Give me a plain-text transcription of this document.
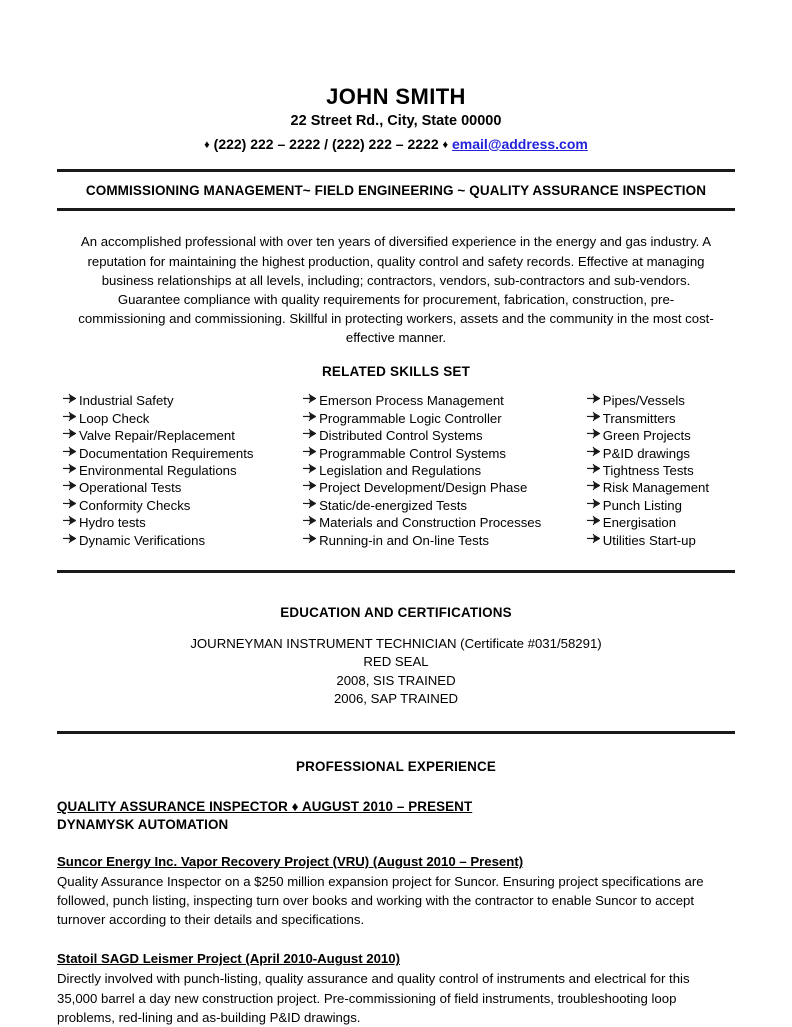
JOHN SMITH
22 Street Rd., City, State 00000
♦ (222) 222 – 2222 / (222) 222 – 2222 ♦ email@address.com
COMMISSIONING MANAGEMENT~ FIELD ENGINEERING ~ QUALITY ASSURANCE INSPECTION
An accomplished professional with over ten years of diversified experience in the energy and gas industry. A reputation for maintaining the highest production, quality control and safety records. Effective at managing business relationships at all levels, including; contractors, vendors, sub-contractors and sub-vendors. Guarantee compliance with quality requirements for procurement, fabrication, construction, pre-commissioning and commissioning. Skillful in protecting workers, assets and the community in the most cost-effective manner.
RELATED SKILLS SET
Industrial Safety
Loop Check
Valve Repair/Replacement
Documentation Requirements
Environmental Regulations
Operational Tests
Conformity Checks
Hydro tests
Dynamic Verifications
Emerson Process Management
Programmable Logic Controller
Distributed Control Systems
Programmable Control Systems
Legislation and Regulations
Project Development/Design Phase
Static/de-energized Tests
Materials and Construction Processes
Running-in and On-line Tests
Pipes/Vessels
Transmitters
Green Projects
P&ID drawings
Tightness Tests
Risk Management
Punch Listing
Energisation
Utilities Start-up
EDUCATION AND CERTIFICATIONS
JOURNEYMAN INSTRUMENT TECHNICIAN (Certificate #031/58291)
RED SEAL
2008, SIS TRAINED
2006, SAP TRAINED
PROFESSIONAL EXPERIENCE
QUALITY ASSURANCE INSPECTOR ♦ AUGUST 2010 – PRESENT
DYNAMYSK AUTOMATION
Suncor Energy Inc. Vapor Recovery Project (VRU) (August 2010 – Present)
Quality Assurance Inspector on a $250 million expansion project for Suncor. Ensuring project specifications are followed, punch listing, inspecting turn over books and working with the contractor to enable Suncor to accept turnover according to their details and specifications.
Statoil SAGD Leismer Project (April 2010-August 2010)
Directly involved with punch-listing, quality assurance and quality control of instruments and electrical for this 35,000 barrel a day new construction project. Pre-commissioning of field instruments, troubleshooting loop problems, red-lining and as-building P&ID drawings.
